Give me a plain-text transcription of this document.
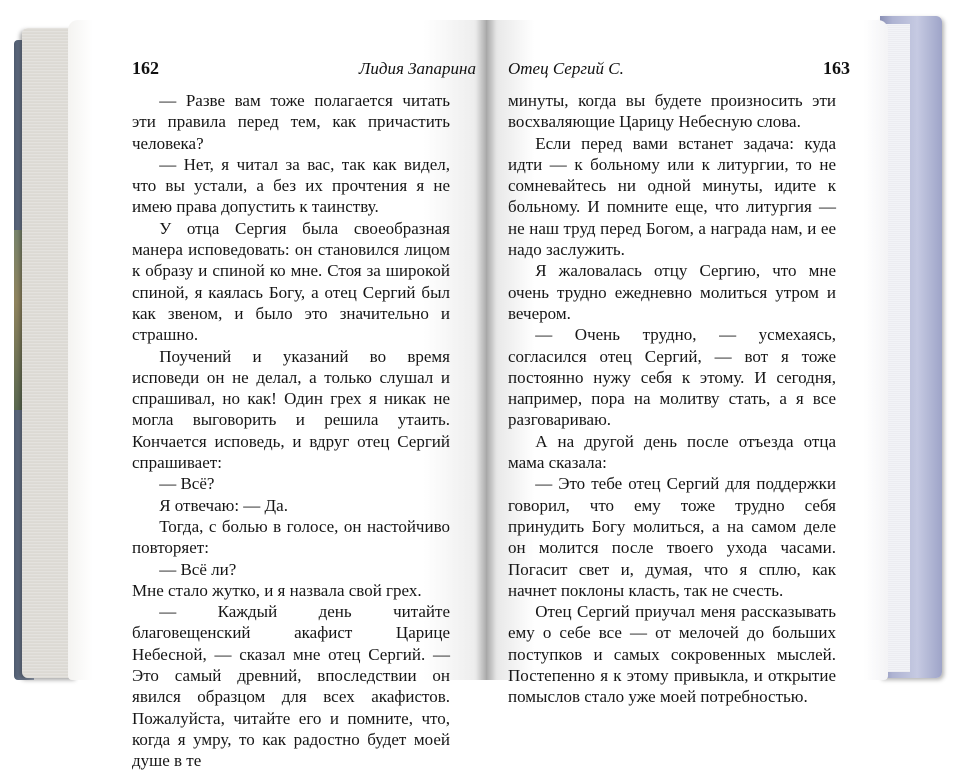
162	Лидия Запарина

— Разве вам тоже полагается читать эти правила перед тем, как причастить человека?

— Нет, я читал за вас, так как видел, что вы устали, а без их прочтения я не имею права допустить к таинству.

У отца Сергия была своеобразная манера исповедовать: он становился лицом к образу и спиной ко мне. Стоя за широкой спиной, я каялась Богу, а отец Сергий был как звеном, и было это значительно и страшно.

Поучений и указаний во время исповеди он не делал, а только слушал и спрашивал, но как! Один грех я никак не могла выговорить и решила утаить. Кончается исповедь, и вдруг отец Сергий спрашивает:

— Всё?

Я отвечаю: — Да.

Тогда, с болью в голосе, он настойчиво повторяет:

— Всё ли?

Мне стало жутко, и я назвала свой грех.

— Каждый день читайте благовещенский акафист Царице Небесной, — сказал мне отец Сергий. — Это самый древний, впоследствии он явился образцом для всех акафистов. Пожалуйста, читайте его и помните, что, когда я умру, то как радостно будет моей душе в те

Отец Сергий С.	163

минуты, когда вы будете произносить эти восхваляющие Царицу Небесную слова.

Если перед вами встанет задача: куда идти — к больному или к литургии, то не сомневайтесь ни одной минуты, идите к больному. И помните еще, что литургия — не наш труд перед Богом, а награда нам, и ее надо заслужить.

Я жаловалась отцу Сергию, что мне очень трудно ежедневно молиться утром и вечером.

— Очень трудно, — усмехаясь, согласился отец Сергий, — вот я тоже постоянно нужу себя к этому. И сегодня, например, пора на молитву стать, а я все разговариваю.

А на другой день после отъезда отца мама сказала:

— Это тебе отец Сергий для поддержки говорил, что ему тоже трудно себя принудить Богу молиться, а на самом деле он молится после твоего ухода часами. Погасит свет и, думая, что я сплю, как начнет поклоны класть, так не счесть.

Отец Сергий приучал меня рассказывать ему о себе все — от мелочей до больших поступков и самых сокровенных мыслей. Постепенно я к этому привыкла, и открытие помыслов стало уже моей потребностью.
